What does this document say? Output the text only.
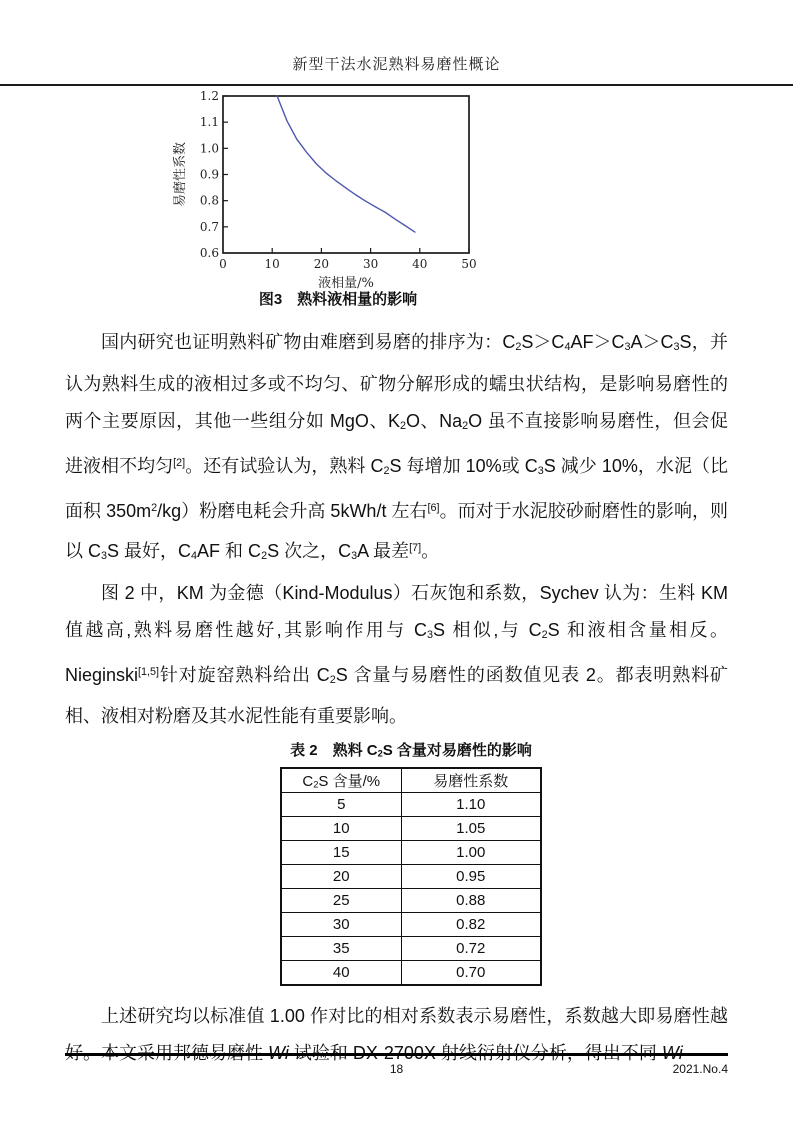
新型干法水泥熟料易磨性概论
0	10	20	30	40	50
0.6
0.7
0.8
0.9
1.0
1.1
1.2
液相量/%
易磨性系数
图3　熟料液相量的影响

国内研究也证明熟料矿物由难磨到易磨的排序为：$C_2S>C_4AF>C_3A>C_3S$，并认为熟料生成的液相过多或不均匀、矿物分解形成的蠕虫状结构，是影响易磨性的两个主要原因，其他一些组分如 MgO、$K_2O$、$Na_2O$ 虽不直接影响易磨性，但会促进液相不均匀[2]。还有试验认为，熟料 $C_2S$ 每增加 10%或 $C_3S$ 减少 10%，水泥（比面积 $350m^2/kg$）粉磨电耗会升高 5kWh/t 左右[6]。而对于水泥胶砂耐磨性的影响，则以 $C_3S$ 最好，$C_4AF$ 和 $C_2S$ 次之，$C_3A$ 最差[7]。

图 2 中，KM 为金德（Kind-Modulus）石灰饱和系数，Sychev 认为：生料 KM 值越高,熟料易磨性越好,其影响作用与 $C_3S$ 相似,与 $C_2S$ 和液相含量相反。Nieginski[1,5]针对旋窑熟料给出 $C_2S$ 含量与易磨性的函数值见表 2。都表明熟料矿相、液相对粉磨及其水泥性能有重要影响。

表 2　熟料 $C_2S$ 含量对易磨性的影响
$C_2S$ 含量/%	易磨性系数
5	1.10
10	1.05
15	1.00
20	0.95
25	0.88
30	0.82
35	0.72
40	0.70

上述研究均以标准值 1.00 作对比的相对系数表示易磨性，系数越大即易磨性越好。本文采用邦德易磨性 Wi 试验和 DX-2700X 射线衍射仪分析，得出不同 Wi

18	2021.No.4
